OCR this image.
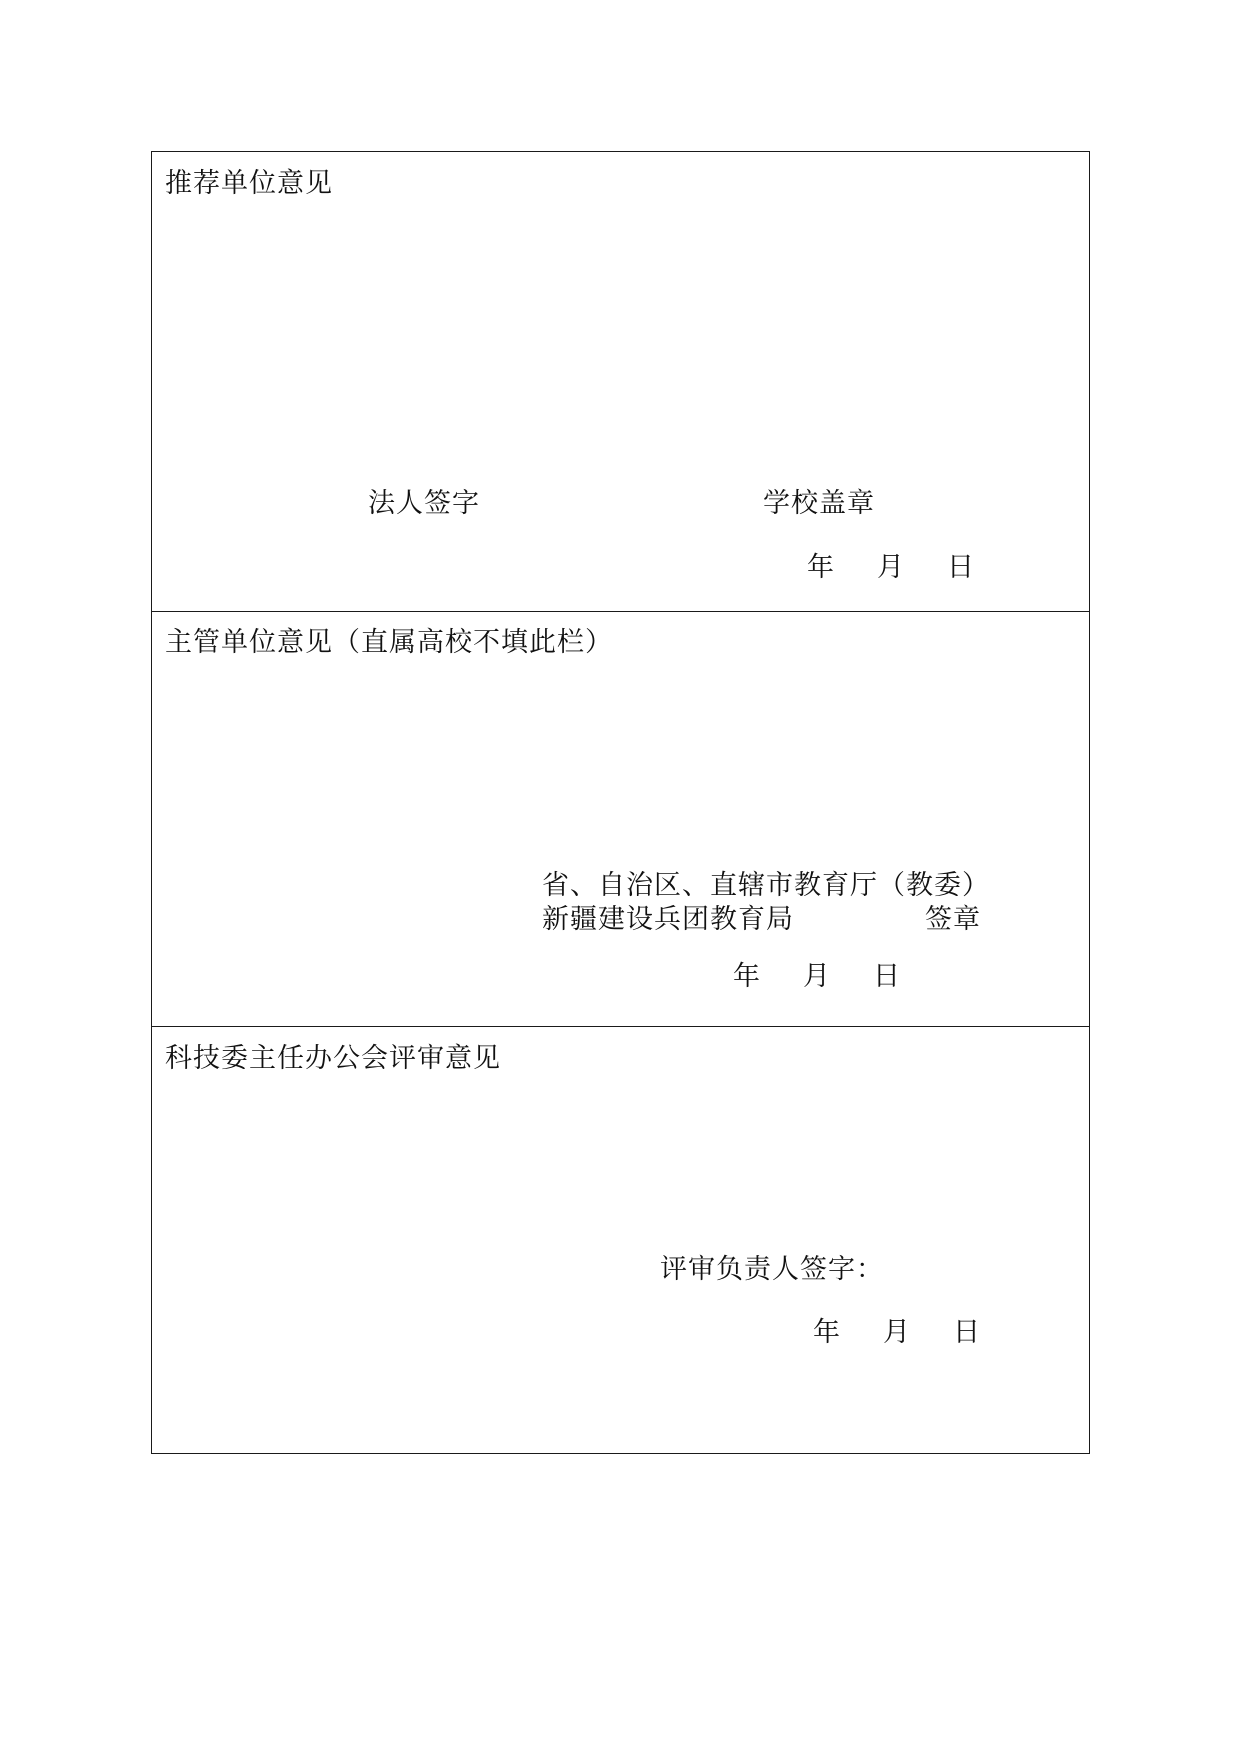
推荐单位意见
法人签字	学校盖章
年 月 日
主管单位意见（直属高校不填此栏）
省、自治区、直辖市教育厅（教委）
新疆建设兵团教育局	签章
年 月 日
科技委主任办公会评审意见
评审负责人签字：
年 月 日
